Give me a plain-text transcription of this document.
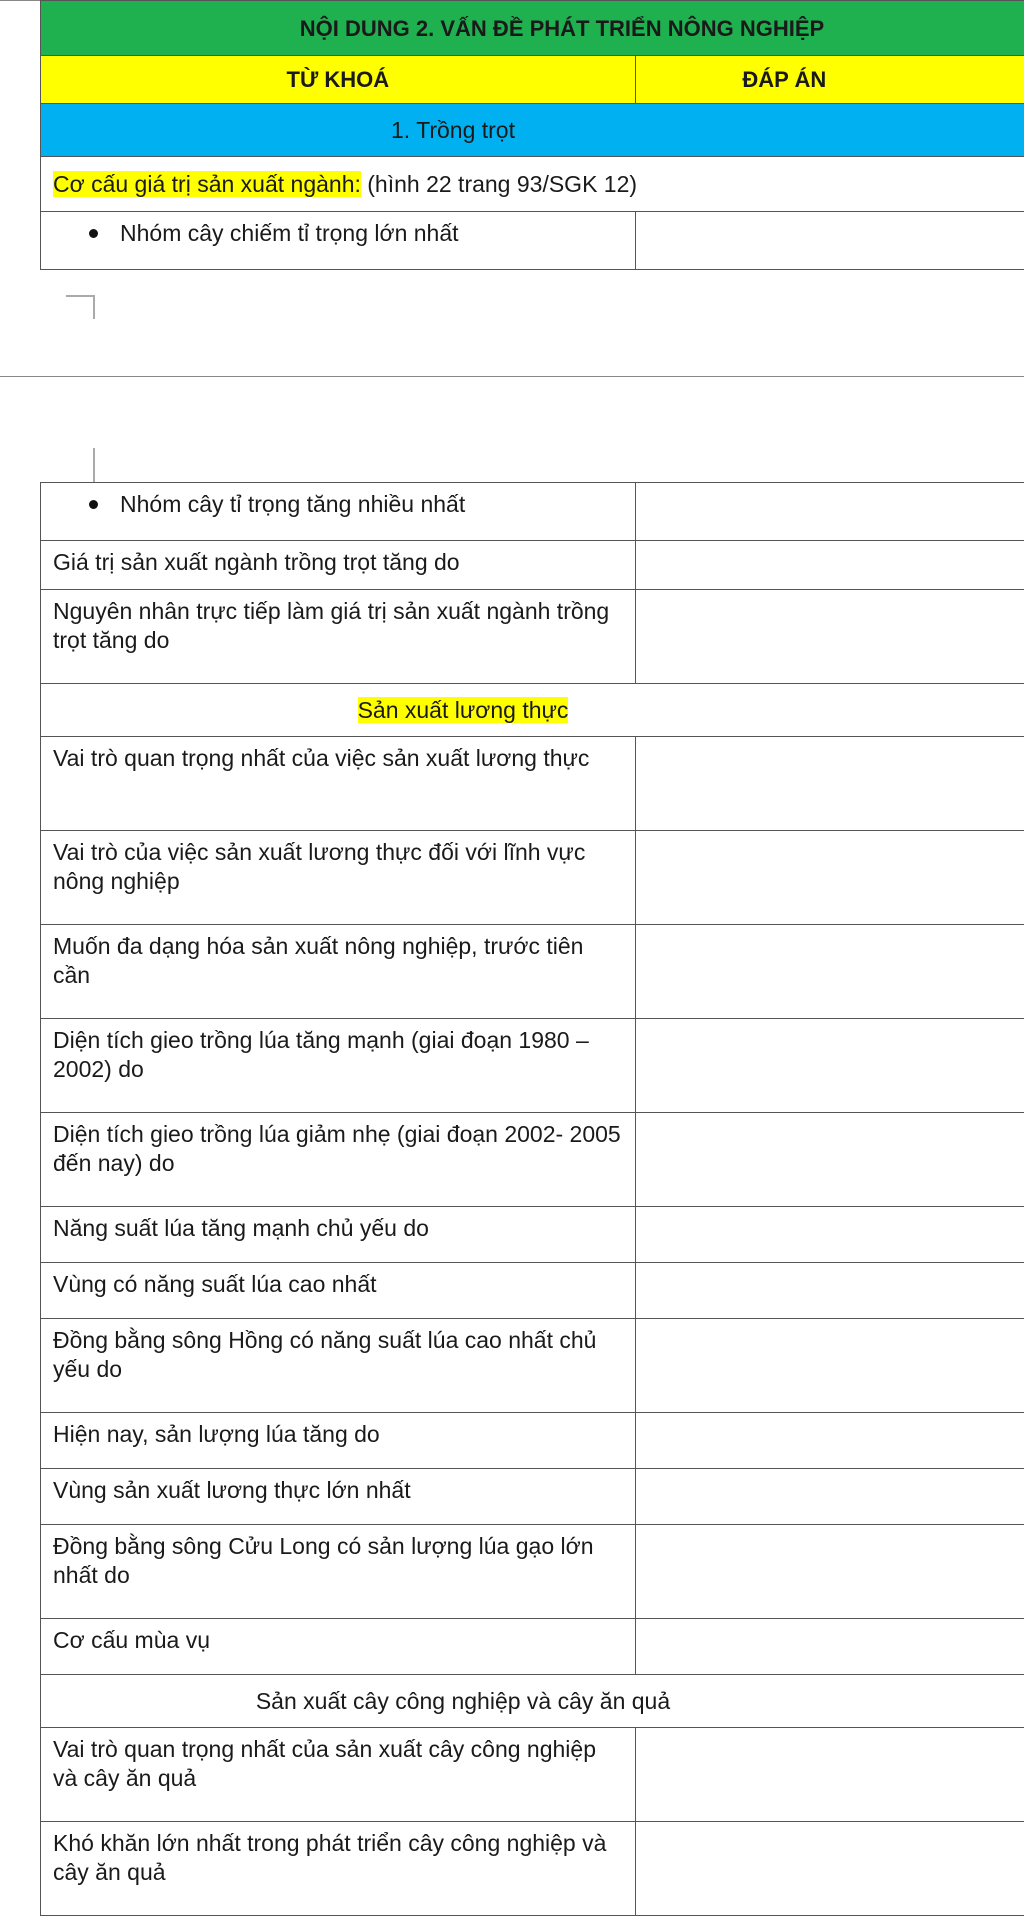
NỘI DUNG 2. VẤN ĐỀ PHÁT TRIỂN NÔNG NGHIỆP	
TỪ KHOÁ	ĐÁP ÁN
1. Trồng trọt	
Cơ cấu giá trị sản xuất ngành: (hình 22 trang 93/SGK 12)	

Nhóm cây chiếm tỉ trọng lớn nhất	

Nhóm cây tỉ trọng tăng nhiều nhất	

Giá trị sản xuất ngành trồng trọt tăng do	
Nguyên nhân trực tiếp làm giá trị sản xuất ngành trồng trọt tăng do	
Sản xuất lương thực	
Vai trò quan trọng nhất của việc sản xuất lương thực	
Vai trò của việc sản xuất lương thực đối với lĩnh vực nông nghiệp	
Muốn đa dạng hóa sản xuất nông nghiệp, trước tiên cần	
Diện tích gieo trồng lúa tăng mạnh (giai đoạn 1980 – 2002) do	
Diện tích gieo trồng lúa giảm nhẹ (giai đoạn 2002- 2005 đến nay) do	
Năng suất lúa tăng mạnh chủ yếu do	
Vùng có năng suất lúa cao nhất	
Đồng bằng sông Hồng có năng suất lúa cao nhất chủ yếu do	
Hiện nay, sản lượng lúa tăng do	
Vùng sản xuất lương thực lớn nhất	
Đồng bằng sông Cửu Long có sản lượng lúa gạo lớn nhất do	
Cơ cấu mùa vụ	
Sản xuất cây công nghiệp và cây ăn quả	
Vai trò quan trọng nhất của sản xuất cây công nghiệp và cây ăn quả	
Khó khăn lớn nhất trong phát triển cây công nghiệp và cây ăn quả	
